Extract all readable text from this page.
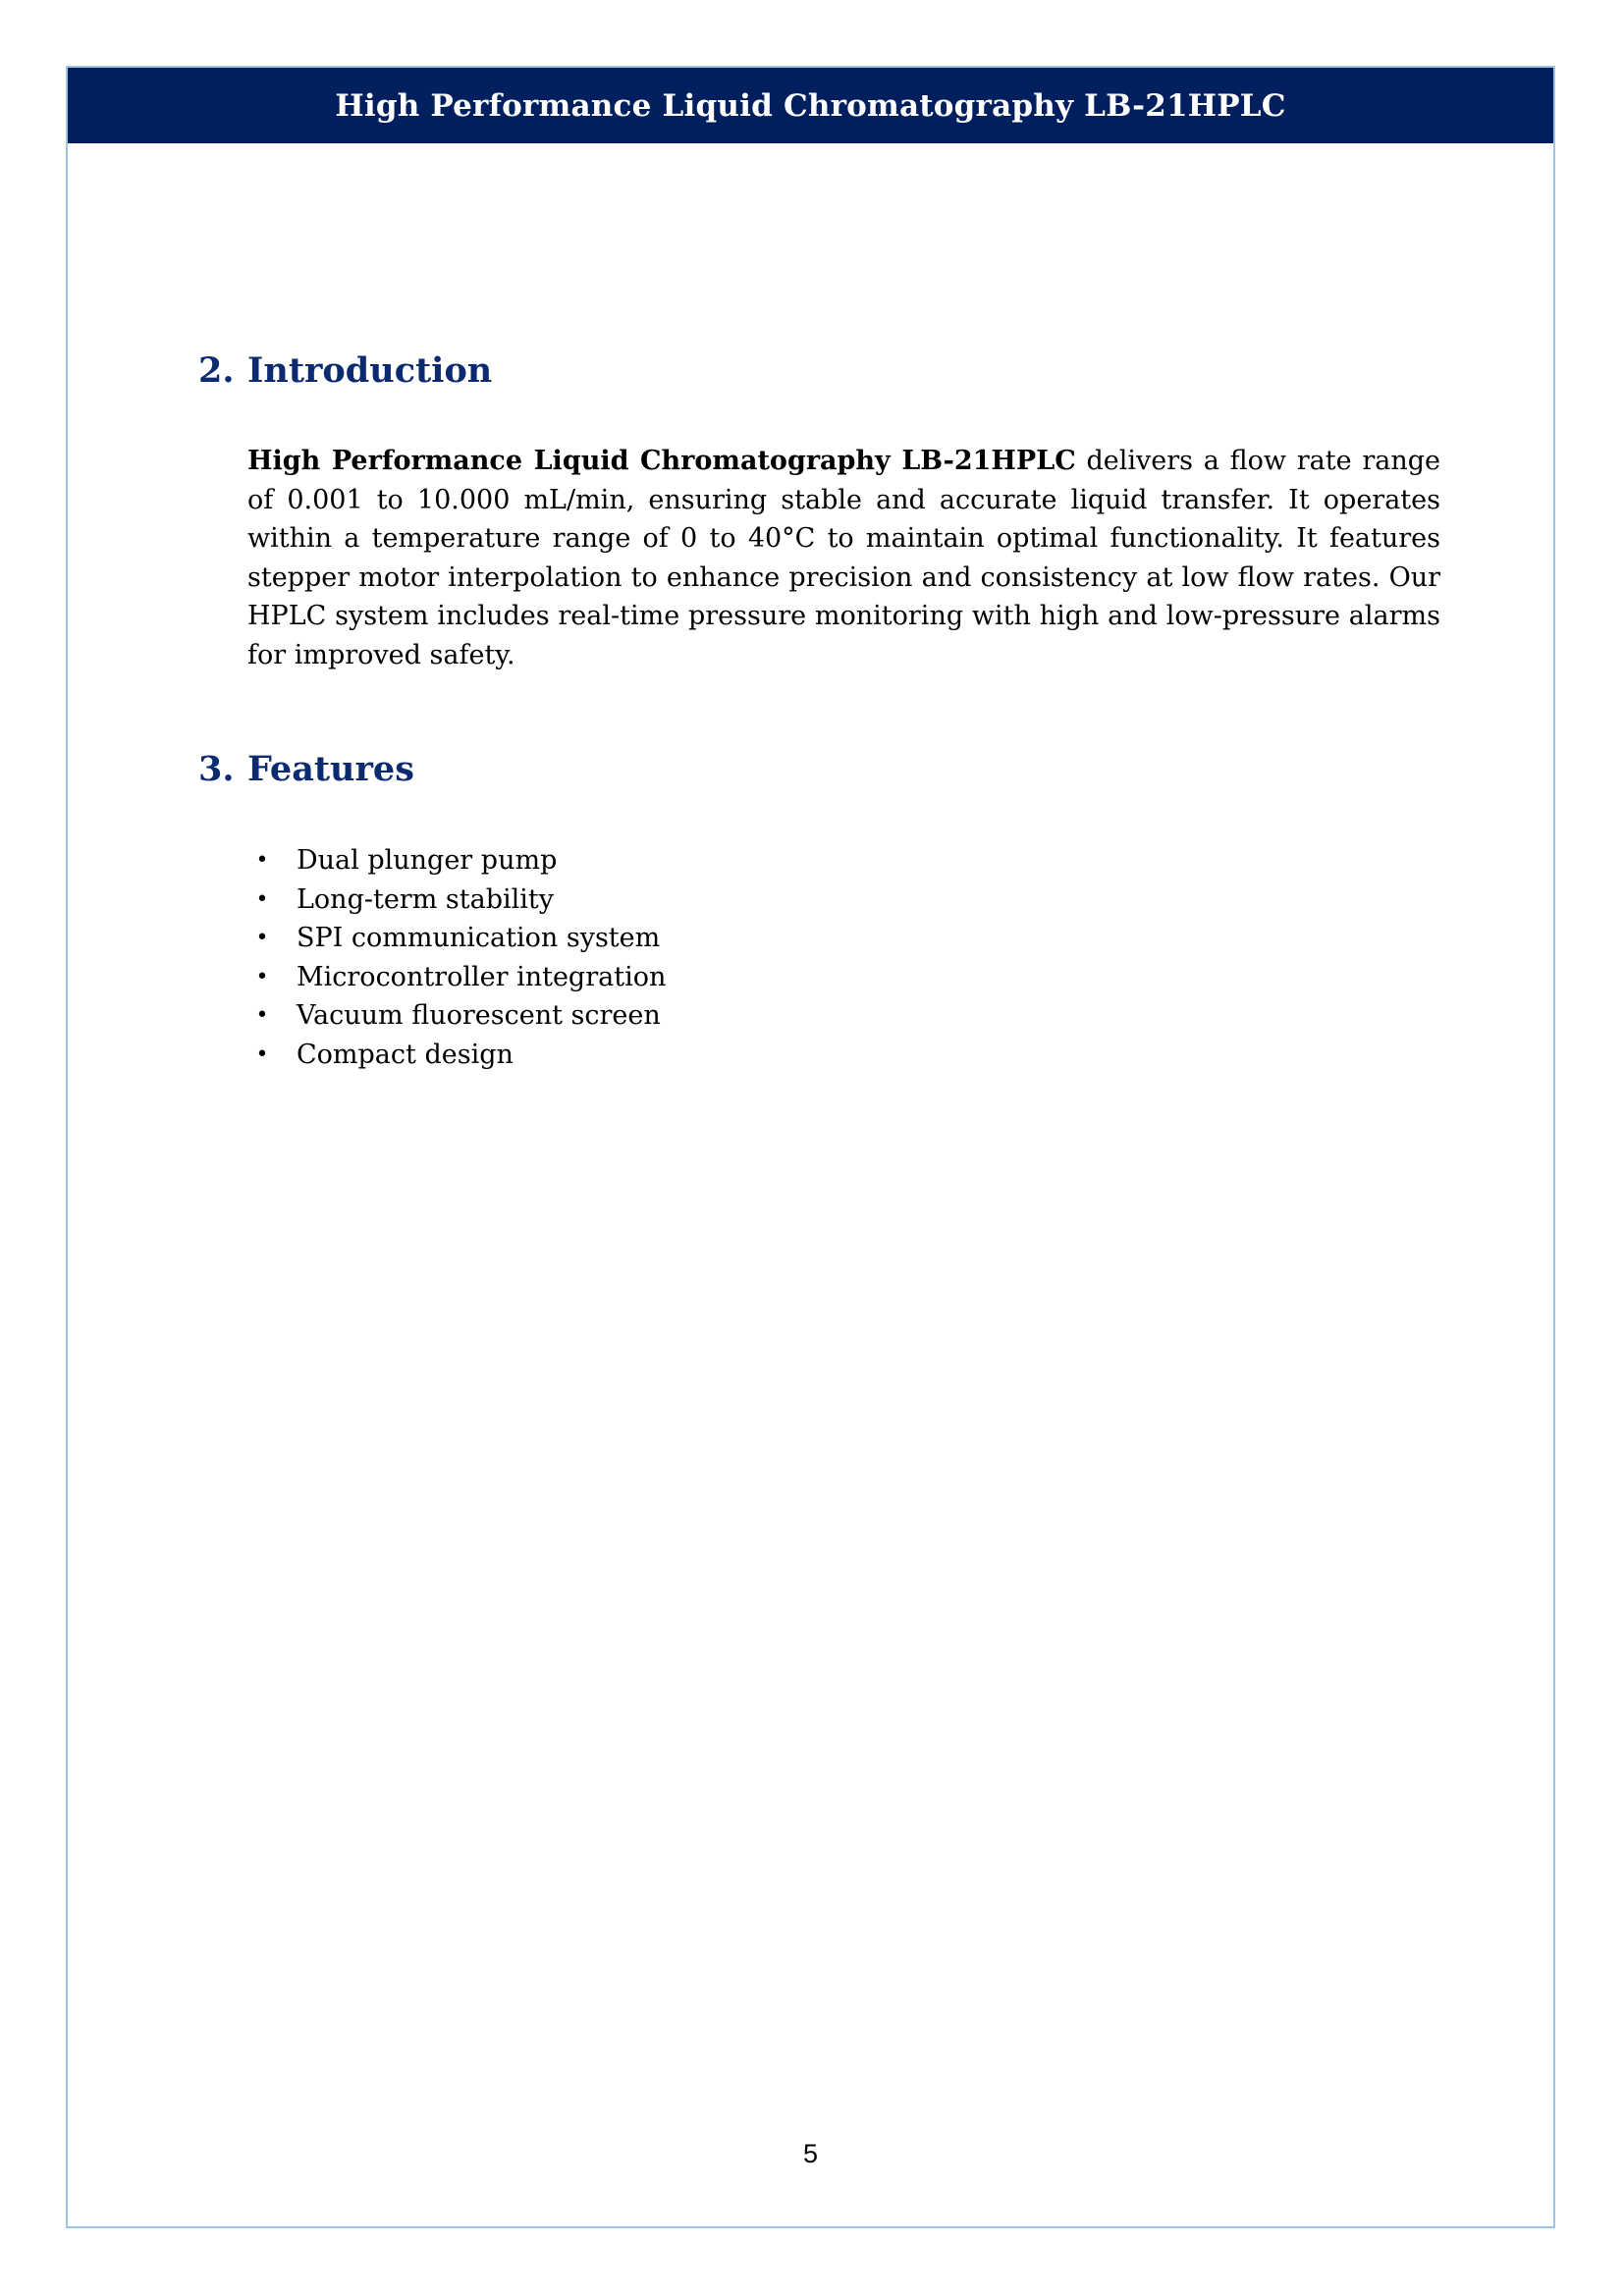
High Performance Liquid Chromatography LB-21HPLC
2. Introduction

High Performance Liquid Chromatography LB-21HPLC delivers a flow rate range of 0.001 to 10.000 mL/min, ensuring stable and accurate liquid transfer. It operates within a temperature range of 0 to 40°C to maintain optimal functionality. It features stepper motor interpolation to enhance precision and consistency at low flow rates. Our HPLC system includes real-time pressure monitoring with high and low-pressure alarms for improved safety.

3. Features
• Dual plunger pump
• Long-term stability
• SPI communication system
• Microcontroller integration
• Vacuum fluorescent screen
• Compact design
5
